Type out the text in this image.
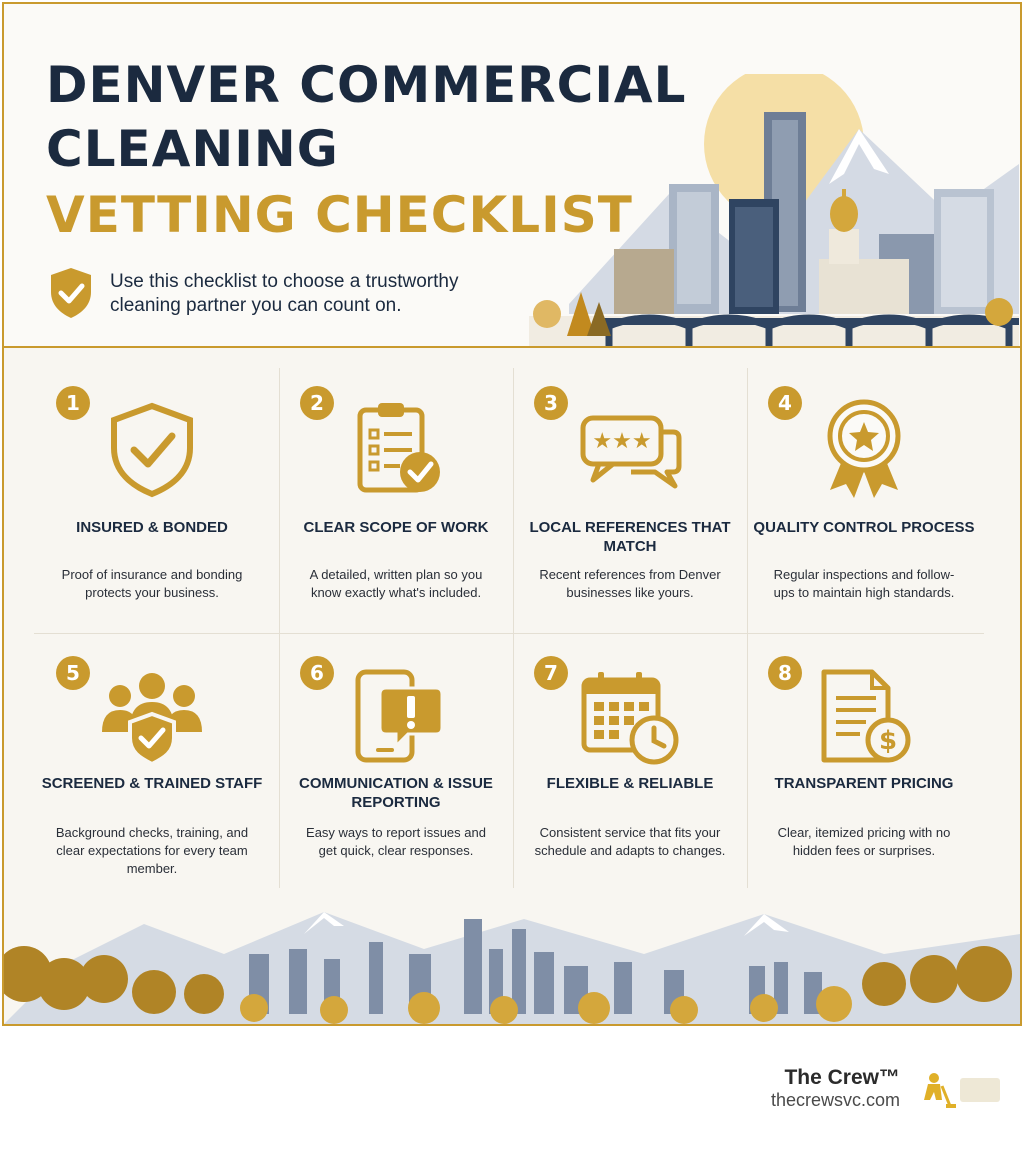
DENVER COMMERCIAL
CLEANING
VETTING CHECKLIST
Use this checklist to choose a trustworthy cleaning partner you can count on.
1
INSURED & BONDED
Proof of insurance and bonding protects your business.
2
CLEAR SCOPE OF WORK
A detailed, written plan so you know exactly what's included.
3
★★★
LOCAL REFERENCES THAT MATCH
Recent references from Denver businesses like yours.
4
QUALITY CONTROL PROCESS
Regular inspections and follow-ups to maintain high standards.
5
SCREENED & TRAINED STAFF
Background checks, training, and clear expectations for every team member.
6
COMMUNICATION & ISSUE REPORTING
Easy ways to report issues and get quick, clear responses.
7
FLEXIBLE & RELIABLE
Consistent service that fits your schedule and adapts to changes.
8
$
TRANSPARENT PRICING
Clear, itemized pricing with no hidden fees or surprises.
The Crew™
thecrewsvc.com
